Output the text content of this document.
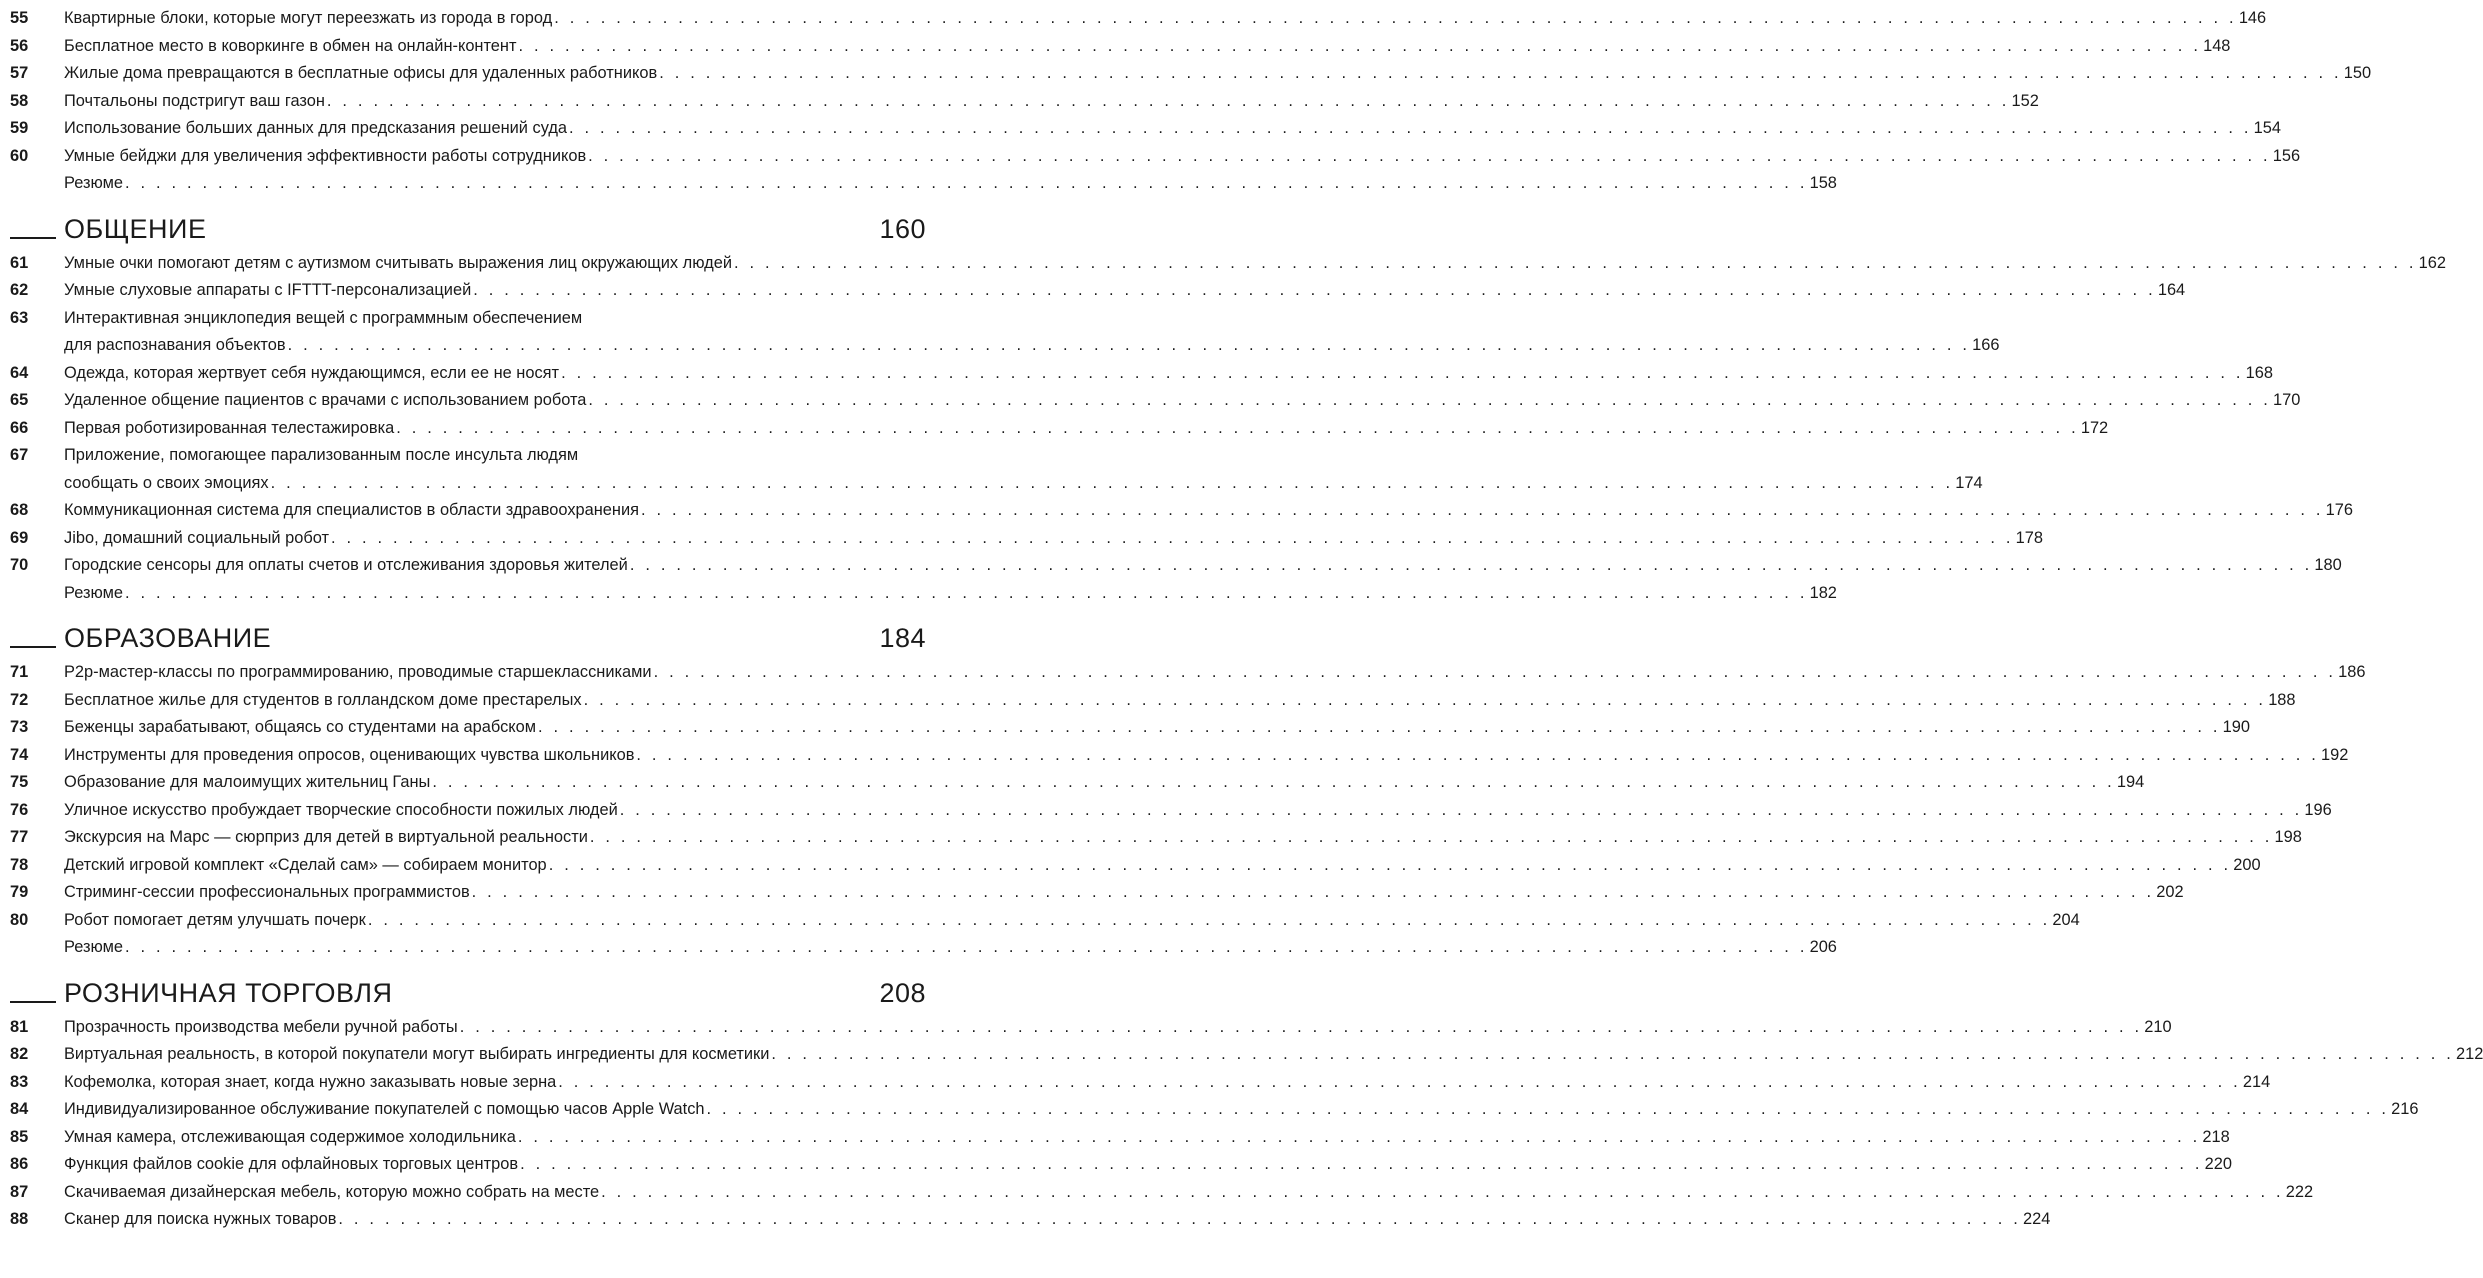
55 Квартирные блоки, которые могут переезжать из города в город . . . . . . . . . . . . . . . . . . . . . . . . . . . . . . . . . . . . . . . . . . . . . . . . . . . . . . . . . . . . . . . . . . . . . . . . . . . . . . . . . . . . . . . . . . . . . . . . . . . . . . . . . . . . . 146
56 Бесплатное место в коворкинге в обмен на онлайн-контент . . . . . . . . . . . . . . . . . . . . . . . . . . . . . . . . . . . . . . . . . . . . . . . . . . . . . . . . . . . . . . . . . . . . . . . . . . . . . . . . . . . . . . . . . . . . . . . . . . . . . . . . . . . . . 148
57 Жилые дома превращаются в бесплатные офисы для удаленных работников . . . . . . . . . . . . . . . . . . . . . . . . . . . . . . . . . . . . . . . . . . . . . . . . . . . . . . . . . . . . . . . . . . . . . . . . . . . . . . . . . . . . . . . . . . . . . . . . . . . . . . . . . . . . . 150
58 Почтальоны подстригут ваш газон . . . . . . . . . . . . . . . . . . . . . . . . . . . . . . . . . . . . . . . . . . . . . . . . . . . . . . . . . . . . . . . . . . . . . . . . . . . . . . . . . . . . . . . . . . . . . . . . . . . . . . . . . . . . . 152
59 Использование больших данных для предсказания решений суда . . . . . . . . . . . . . . . . . . . . . . . . . . . . . . . . . . . . . . . . . . . . . . . . . . . . . . . . . . . . . . . . . . . . . . . . . . . . . . . . . . . . . . . . . . . . . . . . . . . . . . . . . . . . . 154
60 Умные бейджи для увеличения эффективности работы сотрудников . . . . . . . . . . . . . . . . . . . . . . . . . . . . . . . . . . . . . . . . . . . . . . . . . . . . . . . . . . . . . . . . . . . . . . . . . . . . . . . . . . . . . . . . . . . . . . . . . . . . . . . . . . . . . 156
Резюме . . . . . . . . . . . . . . . . . . . . . . . . . . . . . . . . . . . . . . . . . . . . . . . . . . . . . . . . . . . . . . . . . . . . . . . . . . . . . . . . . . . . . . . . . . . . . . . . . . . . . . . . . . . . . 158
ОБЩЕНИЕ	160
61 Умные очки помогают детям с аутизмом считывать выражения лиц окружающих людей . . . . . . . . . . . . . . . . . . . . . . . . . . . . . . . . . . . . . . . . . . . . . . . . . . . . . . . . . . . . . . . . . . . . . . . . . . . . . . . . . . . . . . . . . . . . . . . . . . . . . . . . . . . . . 162
62 Умные слуховые аппараты с IFTTT-персонализацией . . . . . . . . . . . . . . . . . . . . . . . . . . . . . . . . . . . . . . . . . . . . . . . . . . . . . . . . . . . . . . . . . . . . . . . . . . . . . . . . . . . . . . . . . . . . . . . . . . . . . . . . . . . . . 164
63 Интерактивная энциклопедия вещей с программным обеспечением
для распознавания объектов . . . . . . . . . . . . . . . . . . . . . . . . . . . . . . . . . . . . . . . . . . . . . . . . . . . . . . . . . . . . . . . . . . . . . . . . . . . . . . . . . . . . . . . . . . . . . . . . . . . . . . . . . . . . . 166
64 Одежда, которая жертвует себя нуждающимся, если ее не носят . . . . . . . . . . . . . . . . . . . . . . . . . . . . . . . . . . . . . . . . . . . . . . . . . . . . . . . . . . . . . . . . . . . . . . . . . . . . . . . . . . . . . . . . . . . . . . . . . . . . . . . . . . . . . 168
65 Удаленное общение пациентов с врачами с использованием робота . . . . . . . . . . . . . . . . . . . . . . . . . . . . . . . . . . . . . . . . . . . . . . . . . . . . . . . . . . . . . . . . . . . . . . . . . . . . . . . . . . . . . . . . . . . . . . . . . . . . . . . . . . . . . 170
66 Первая роботизированная телестажировка . . . . . . . . . . . . . . . . . . . . . . . . . . . . . . . . . . . . . . . . . . . . . . . . . . . . . . . . . . . . . . . . . . . . . . . . . . . . . . . . . . . . . . . . . . . . . . . . . . . . . . . . . . . . . 172
67 Приложение, помогающее парализованным после инсульта людям
сообщать о своих эмоциях . . . . . . . . . . . . . . . . . . . . . . . . . . . . . . . . . . . . . . . . . . . . . . . . . . . . . . . . . . . . . . . . . . . . . . . . . . . . . . . . . . . . . . . . . . . . . . . . . . . . . . . . . . . . . 174
68 Коммуникационная система для специалистов в области здравоохранения . . . . . . . . . . . . . . . . . . . . . . . . . . . . . . . . . . . . . . . . . . . . . . . . . . . . . . . . . . . . . . . . . . . . . . . . . . . . . . . . . . . . . . . . . . . . . . . . . . . . . . . . . . . . . 176
69 Jibo, домашний социальный робот . . . . . . . . . . . . . . . . . . . . . . . . . . . . . . . . . . . . . . . . . . . . . . . . . . . . . . . . . . . . . . . . . . . . . . . . . . . . . . . . . . . . . . . . . . . . . . . . . . . . . . . . . . . . . 178
70 Городские сенсоры для оплаты счетов и отслеживания здоровья жителей . . . . . . . . . . . . . . . . . . . . . . . . . . . . . . . . . . . . . . . . . . . . . . . . . . . . . . . . . . . . . . . . . . . . . . . . . . . . . . . . . . . . . . . . . . . . . . . . . . . . . . . . . . . . . 180
Резюме . . . . . . . . . . . . . . . . . . . . . . . . . . . . . . . . . . . . . . . . . . . . . . . . . . . . . . . . . . . . . . . . . . . . . . . . . . . . . . . . . . . . . . . . . . . . . . . . . . . . . . . . . . . . . 182
ОБРАЗОВАНИЕ	184
71 P2p-мастер-классы по программированию, проводимые старшеклассниками . . . . . . . . . . . . . . . . . . . . . . . . . . . . . . . . . . . . . . . . . . . . . . . . . . . . . . . . . . . . . . . . . . . . . . . . . . . . . . . . . . . . . . . . . . . . . . . . . . . . . . . . . . . . . 186
72 Бесплатное жилье для студентов в голландском доме престарелых . . . . . . . . . . . . . . . . . . . . . . . . . . . . . . . . . . . . . . . . . . . . . . . . . . . . . . . . . . . . . . . . . . . . . . . . . . . . . . . . . . . . . . . . . . . . . . . . . . . . . . . . . . . . . 188
73 Беженцы зарабатывают, общаясь со студентами на арабском . . . . . . . . . . . . . . . . . . . . . . . . . . . . . . . . . . . . . . . . . . . . . . . . . . . . . . . . . . . . . . . . . . . . . . . . . . . . . . . . . . . . . . . . . . . . . . . . . . . . . . . . . . . . . 190
74 Инструменты для проведения опросов, оценивающих чувства школьников . . . . . . . . . . . . . . . . . . . . . . . . . . . . . . . . . . . . . . . . . . . . . . . . . . . . . . . . . . . . . . . . . . . . . . . . . . . . . . . . . . . . . . . . . . . . . . . . . . . . . . . . . . . . . 192
75 Образование для малоимущих жительниц Ганы . . . . . . . . . . . . . . . . . . . . . . . . . . . . . . . . . . . . . . . . . . . . . . . . . . . . . . . . . . . . . . . . . . . . . . . . . . . . . . . . . . . . . . . . . . . . . . . . . . . . . . . . . . . . . 194
76 Уличное искусство пробуждает творческие способности пожилых людей . . . . . . . . . . . . . . . . . . . . . . . . . . . . . . . . . . . . . . . . . . . . . . . . . . . . . . . . . . . . . . . . . . . . . . . . . . . . . . . . . . . . . . . . . . . . . . . . . . . . . . . . . . . . . 196
77 Экскурсия на Марс — сюрприз для детей в виртуальной реальности . . . . . . . . . . . . . . . . . . . . . . . . . . . . . . . . . . . . . . . . . . . . . . . . . . . . . . . . . . . . . . . . . . . . . . . . . . . . . . . . . . . . . . . . . . . . . . . . . . . . . . . . . . . . . 198
78 Детский игровой комплект «Сделай сам» — собираем монитор . . . . . . . . . . . . . . . . . . . . . . . . . . . . . . . . . . . . . . . . . . . . . . . . . . . . . . . . . . . . . . . . . . . . . . . . . . . . . . . . . . . . . . . . . . . . . . . . . . . . . . . . . . . . . 200
79 Стриминг-сессии профессиональных программистов . . . . . . . . . . . . . . . . . . . . . . . . . . . . . . . . . . . . . . . . . . . . . . . . . . . . . . . . . . . . . . . . . . . . . . . . . . . . . . . . . . . . . . . . . . . . . . . . . . . . . . . . . . . . . 202
80 Робот помогает детям улучшать почерк . . . . . . . . . . . . . . . . . . . . . . . . . . . . . . . . . . . . . . . . . . . . . . . . . . . . . . . . . . . . . . . . . . . . . . . . . . . . . . . . . . . . . . . . . . . . . . . . . . . . . . . . . . . . . 204
Резюме . . . . . . . . . . . . . . . . . . . . . . . . . . . . . . . . . . . . . . . . . . . . . . . . . . . . . . . . . . . . . . . . . . . . . . . . . . . . . . . . . . . . . . . . . . . . . . . . . . . . . . . . . . . . . 206
РОЗНИЧНАЯ ТОРГОВЛЯ	208
81 Прозрачность производства мебели ручной работы . . . . . . . . . . . . . . . . . . . . . . . . . . . . . . . . . . . . . . . . . . . . . . . . . . . . . . . . . . . . . . . . . . . . . . . . . . . . . . . . . . . . . . . . . . . . . . . . . . . . . . . . . . . . . 210
82 Виртуальная реальность, в которой покупатели могут выбирать ингредиенты для косметики . . . . . . . . . . . . . . . . . . . . . . . . . . . . . . . . . . . . . . . . . . . . . . . . . . . . . . . . . . . . . . . . . . . . . . . . . . . . . . . . . . . . . . . . . . . . . . . . . . . . . . . . . . . . . 212
83 Кофемолка, которая знает, когда нужно заказывать новые зерна . . . . . . . . . . . . . . . . . . . . . . . . . . . . . . . . . . . . . . . . . . . . . . . . . . . . . . . . . . . . . . . . . . . . . . . . . . . . . . . . . . . . . . . . . . . . . . . . . . . . . . . . . . . . . 214
84 Индивидуализированное обслуживание покупателей с помощью часов Apple Watch . . . . . . . . . . . . . . . . . . . . . . . . . . . . . . . . . . . . . . . . . . . . . . . . . . . . . . . . . . . . . . . . . . . . . . . . . . . . . . . . . . . . . . . . . . . . . . . . . . . . . . . . . . . . . 216
85 Умная камера, отслеживающая содержимое холодильника . . . . . . . . . . . . . . . . . . . . . . . . . . . . . . . . . . . . . . . . . . . . . . . . . . . . . . . . . . . . . . . . . . . . . . . . . . . . . . . . . . . . . . . . . . . . . . . . . . . . . . . . . . . . . 218
86 Функция файлов cookie для офлайновых торговых центров . . . . . . . . . . . . . . . . . . . . . . . . . . . . . . . . . . . . . . . . . . . . . . . . . . . . . . . . . . . . . . . . . . . . . . . . . . . . . . . . . . . . . . . . . . . . . . . . . . . . . . . . . . . . . 220
87 Скачиваемая дизайнерская мебель, которую можно собрать на месте . . . . . . . . . . . . . . . . . . . . . . . . . . . . . . . . . . . . . . . . . . . . . . . . . . . . . . . . . . . . . . . . . . . . . . . . . . . . . . . . . . . . . . . . . . . . . . . . . . . . . . . . . . . . . 222
88 Сканер для поиска нужных товаров . . . . . . . . . . . . . . . . . . . . . . . . . . . . . . . . . . . . . . . . . . . . . . . . . . . . . . . . . . . . . . . . . . . . . . . . . . . . . . . . . . . . . . . . . . . . . . . . . . . . . . . . . . . . . 224
